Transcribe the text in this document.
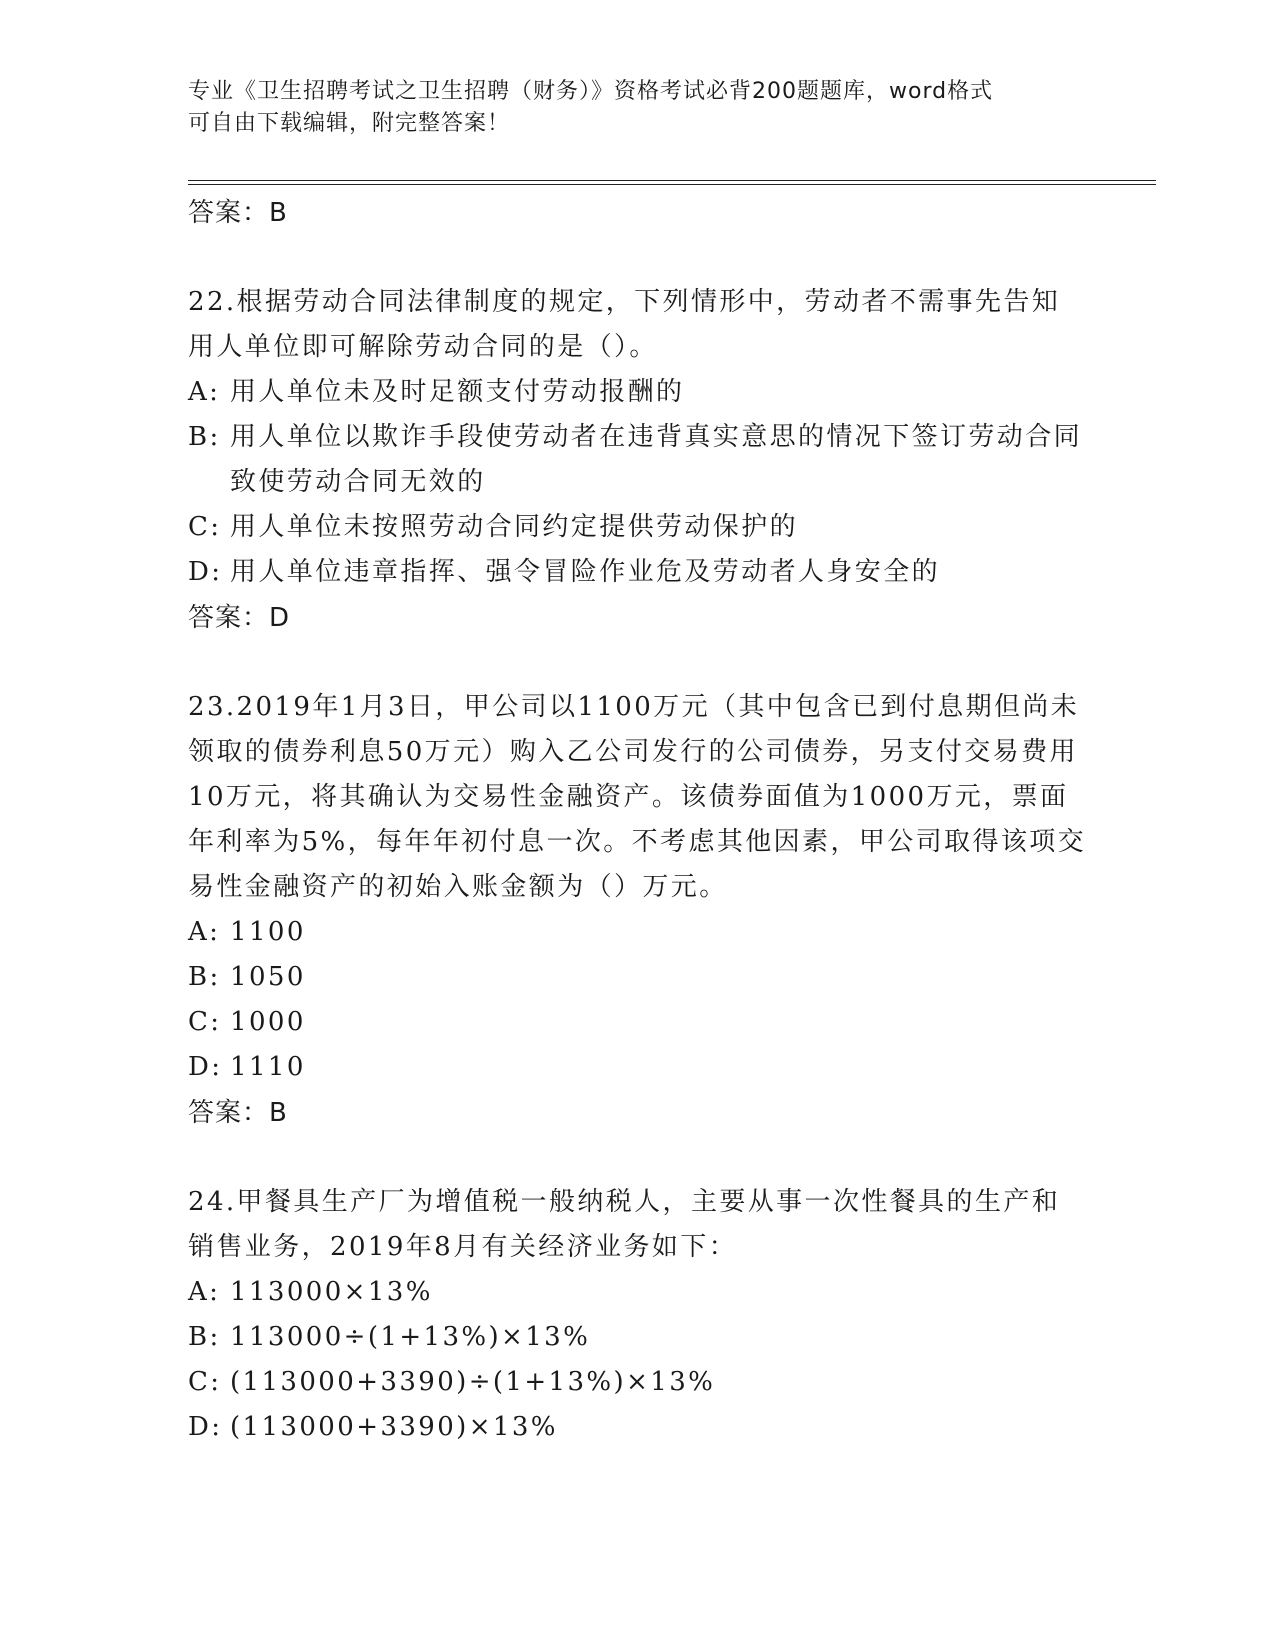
专业《卫生招聘考试之卫生招聘（财务）》资格考试必背200题题库，word格式
可自由下载编辑，附完整答案！
答案：B
22.根据劳动合同法律制度的规定，下列情形中，劳动者不需事先告知用人单位即可解除劳动合同的是（）。
A: 用人单位未及时足额支付劳动报酬的
B: 用人单位以欺诈手段使劳动者在违背真实意思的情况下签订劳动合同致使劳动合同无效的
C: 用人单位未按照劳动合同约定提供劳动保护的
D: 用人单位违章指挥、强令冒险作业危及劳动者人身安全的
答案：D
23.2019年1月3日，甲公司以1100万元（其中包含已到付息期但尚未领取的债券利息50万元）购入乙公司发行的公司债券，另支付交易费用10万元，将其确认为交易性金融资产。该债券面值为1000万元，票面年利率为5%，每年年初付息一次。不考虑其他因素，甲公司取得该项交易性金融资产的初始入账金额为（）万元。
A: 1100
B: 1050
C: 1000
D: 1110
答案：B
24.甲餐具生产厂为增值税一般纳税人，主要从事一次性餐具的生产和销售业务，2019年8月有关经济业务如下：
A: 113000×13%
B: 113000÷(1+13%)×13%
C: (113000+3390)÷(1+13%)×13%
D: (113000+3390)×13%
